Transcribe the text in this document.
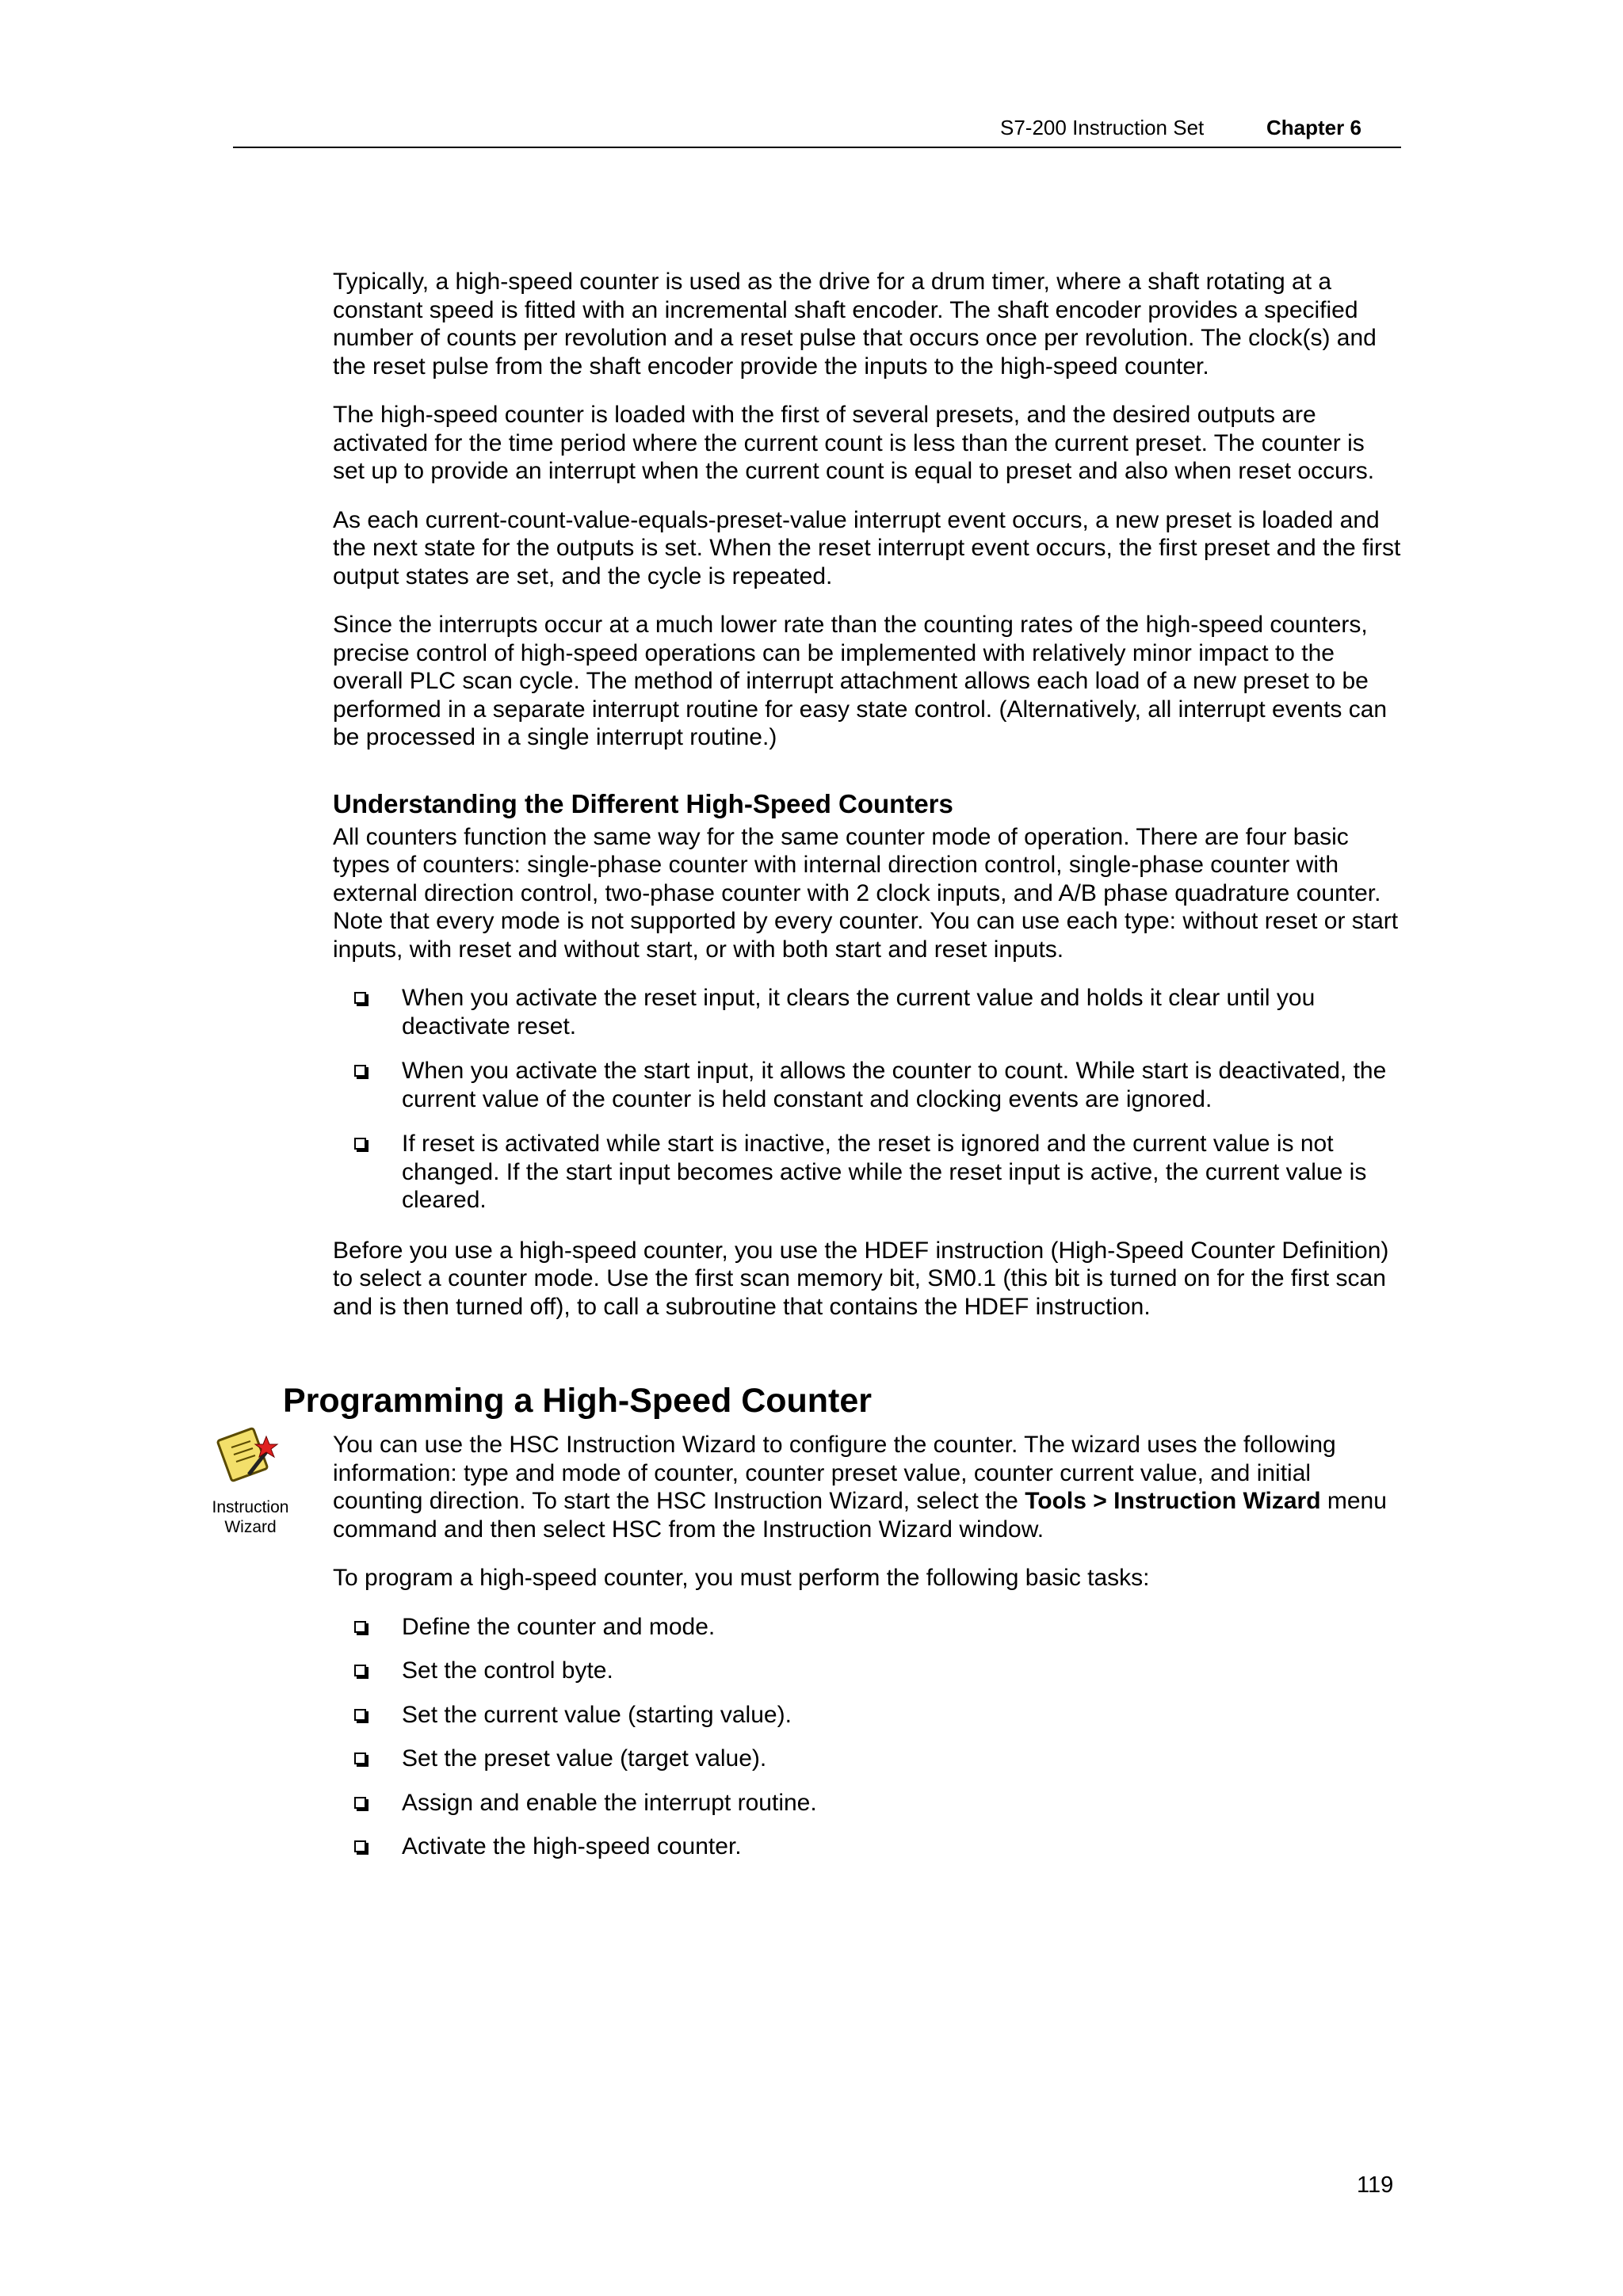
S7-200 Instruction Set	Chapter 6

Typically, a high-speed counter is used as the drive for a drum timer, where a shaft rotating at a constant speed is fitted with an incremental shaft encoder. The shaft encoder provides a specified number of counts per revolution and a reset pulse that occurs once per revolution. The clock(s) and the reset pulse from the shaft encoder provide the inputs to the high-speed counter.

The high-speed counter is loaded with the first of several presets, and the desired outputs are activated for the time period where the current count is less than the current preset. The counter is set up to provide an interrupt when the current count is equal to preset and also when reset occurs.

As each current-count-value-equals-preset-value interrupt event occurs, a new preset is loaded and the next state for the outputs is set. When the reset interrupt event occurs, the first preset and the first output states are set, and the cycle is repeated.

Since the interrupts occur at a much lower rate than the counting rates of the high-speed counters, precise control of high-speed operations can be implemented with relatively minor impact to the overall PLC scan cycle. The method of interrupt attachment allows each load of a new preset to be performed in a separate interrupt routine for easy state control. (Alternatively, all interrupt events can be processed in a single interrupt routine.)

Understanding the Different High-Speed Counters

All counters function the same way for the same counter mode of operation. There are four basic types of counters: single-phase counter with internal direction control, single-phase counter with external direction control, two-phase counter with 2 clock inputs, and A/B phase quadrature counter. Note that every mode is not supported by every counter. You can use each type: without reset or start inputs, with reset and without start, or with both start and reset inputs.

When you activate the reset input, it clears the current value and holds it clear until you deactivate reset.
When you activate the start input, it allows the counter to count. While start is deactivated, the current value of the counter is held constant and clocking events are ignored.
If reset is activated while start is inactive, the reset is ignored and the current value is not changed. If the start input becomes active while the reset input is active, the current value is cleared.

Before you use a high-speed counter, you use the HDEF instruction (High-Speed Counter Definition) to select a counter mode. Use the first scan memory bit, SM0.1 (this bit is turned on for the first scan and is then turned off), to call a subroutine that contains the HDEF instruction.

Programming a High-Speed Counter
Instruction
Wizard

You can use the HSC Instruction Wizard to configure the counter. The wizard uses the following information: type and mode of counter, counter preset value, counter current value, and initial counting direction. To start the HSC Instruction Wizard, select the Tools > Instruction Wizard menu command and then select HSC from the Instruction Wizard window.

To program a high-speed counter, you must perform the following basic tasks:

Define the counter and mode.
Set the control byte.
Set the current value (starting value).
Set the preset value (target value).
Assign and enable the interrupt routine.
Activate the high-speed counter.
119
